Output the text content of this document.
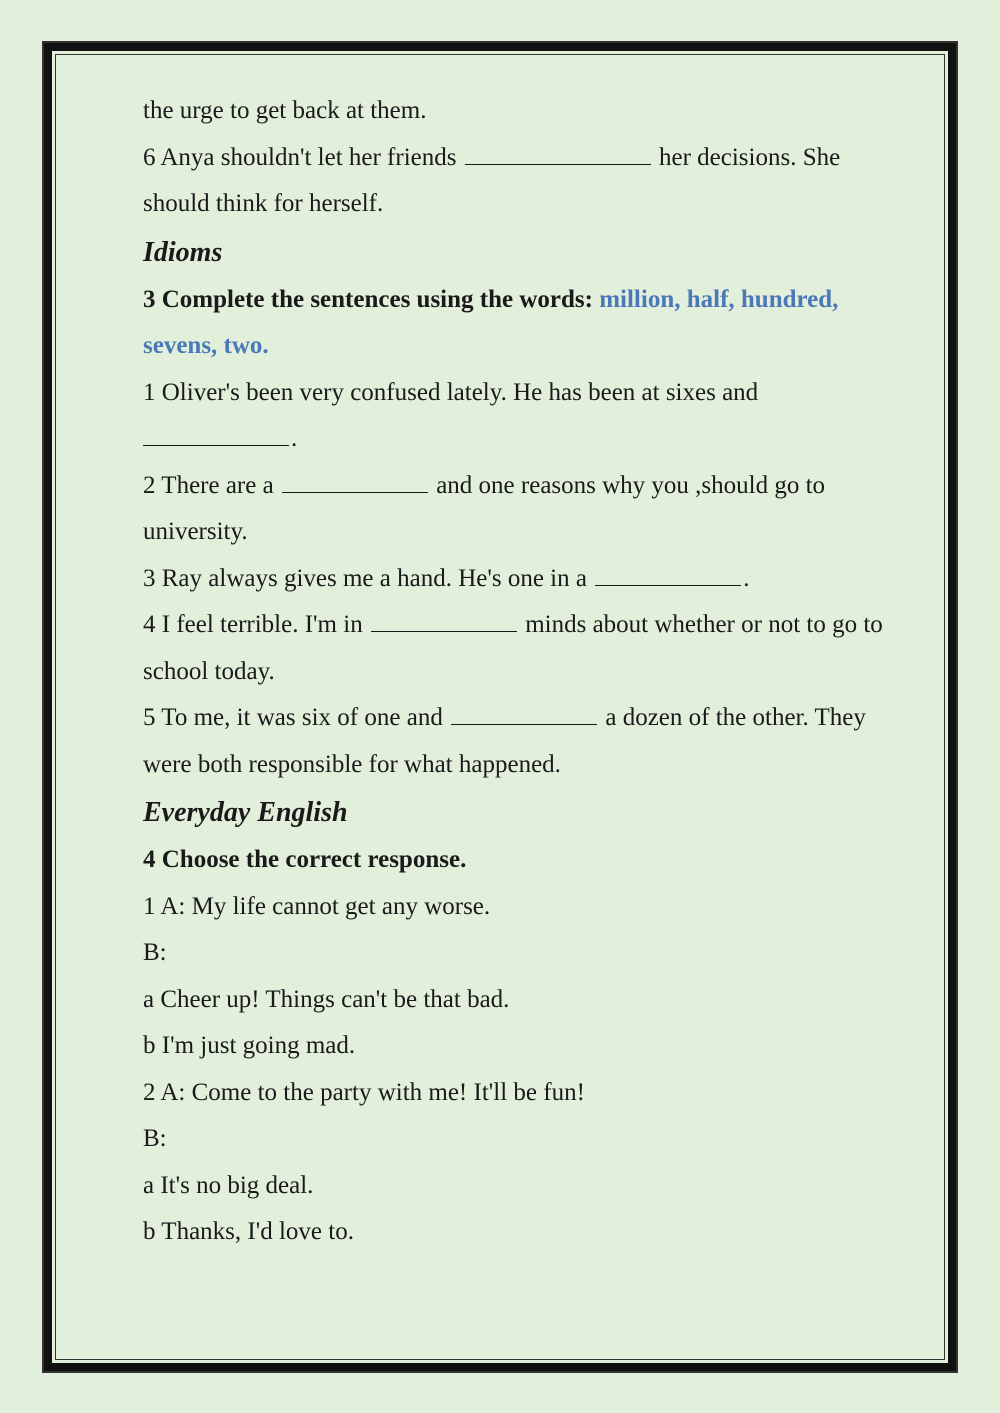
the urge to get back at them.
6 Anya shouldn't let her friends	her decisions. She
should think for herself.
Idioms
3 Complete the sentences using the words: million, half, hundred,
sevens, two.
1 Oliver's been very confused lately. He has been at sixes and
.
2 There are a	and one reasons why you ,should go to
university.
3 Ray always gives me a hand. He's one in a	.
4 I feel terrible. I'm in	minds about whether or not to go to
school today.
5 To me, it was six of one and	a dozen of the other. They
were both responsible for what happened.
Everyday English
4 Choose the correct response.
1 A: My life cannot get any worse.
B:
a Cheer up! Things can't be that bad.
b I'm just going mad.
2 A: Come to the party with me! It'll be fun!
B:
a It's no big deal.
b Thanks, I'd love to.
